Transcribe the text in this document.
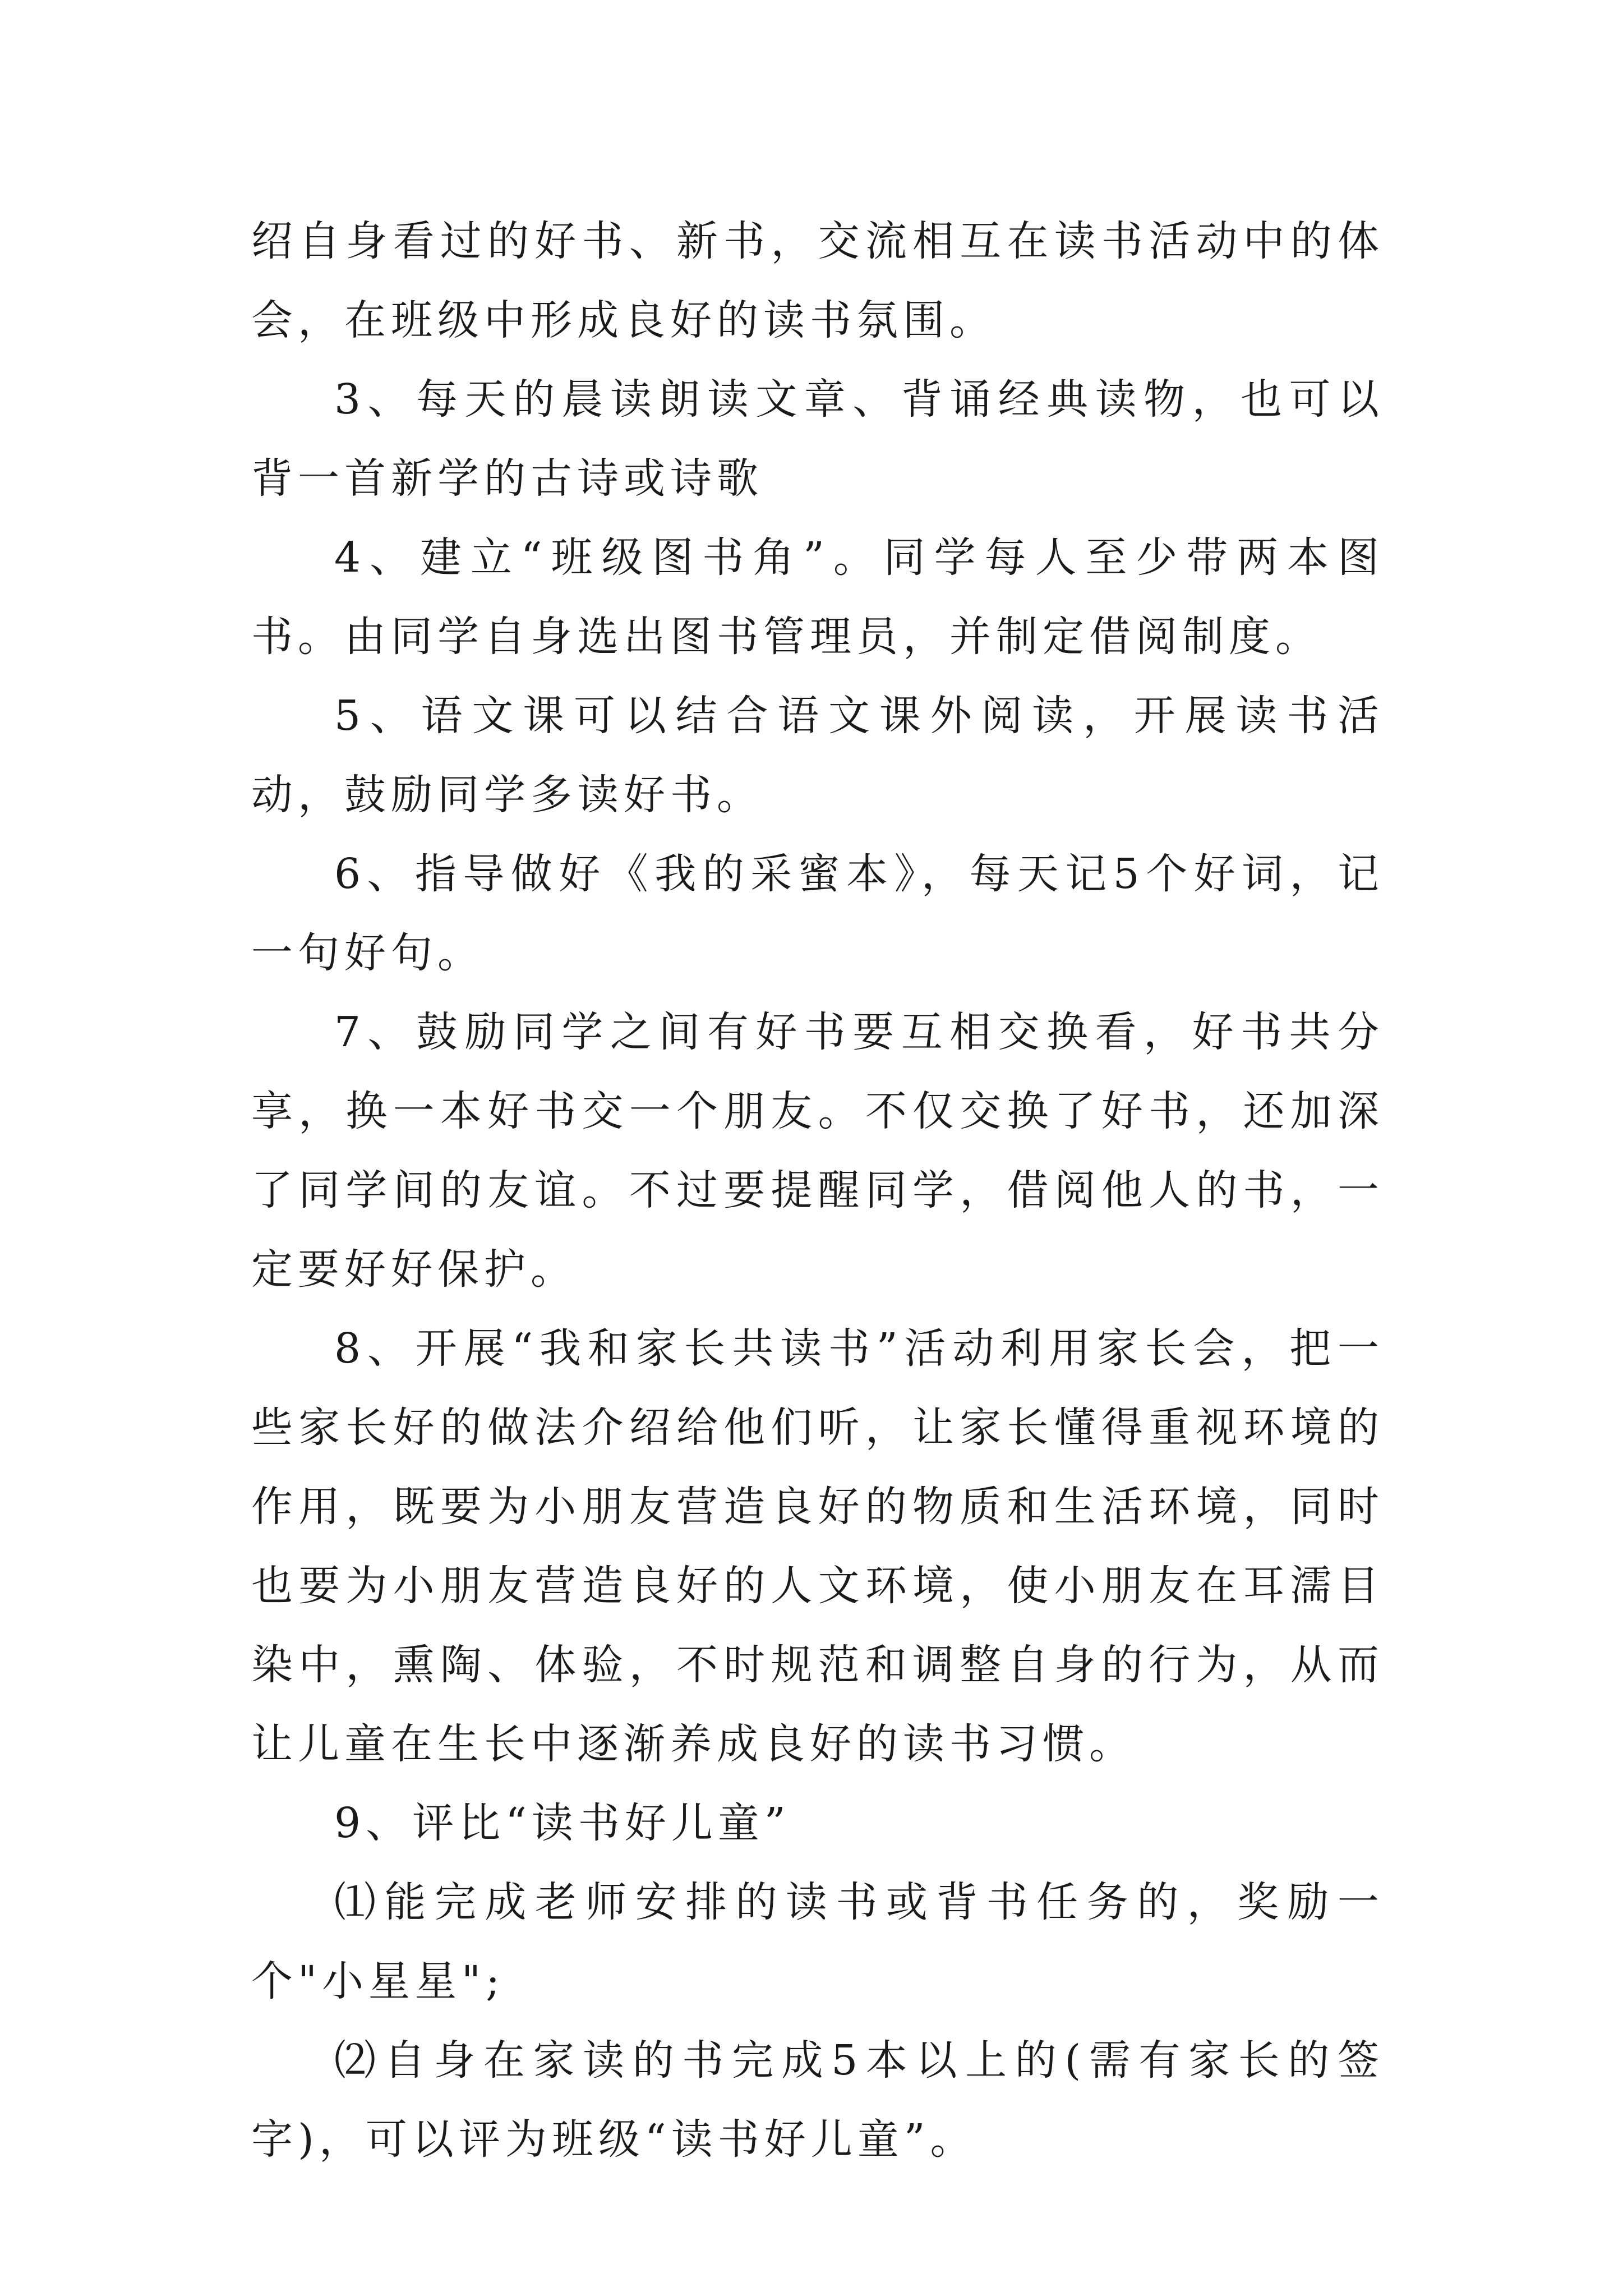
绍自身看过的好书、新书，交流相互在读书活动中的体会，在班级中形成良好的读书氛围。

3、每天的晨读朗读文章、背诵经典读物，也可以背一首新学的古诗或诗歌

4、建立“班级图书角”。同学每人至少带两本图书。由同学自身选出图书管理员，并制定借阅制度。

5、语文课可以结合语文课外阅读，开展读书活动，鼓励同学多读好书。

6、指导做好《我的采蜜本》，每天记5个好词，记一句好句。

7、鼓励同学之间有好书要互相交换看，好书共分享，换一本好书交一个朋友。不仅交换了好书，还加深了同学间的友谊。不过要提醒同学，借阅他人的书，一定要好好保护。

8、开展“我和家长共读书”活动利用家长会，把一些家长好的做法介绍给他们听，让家长懂得重视环境的作用，既要为小朋友营造良好的物质和生活环境，同时也要为小朋友营造良好的人文环境，使小朋友在耳濡目染中，熏陶、体验，不时规范和调整自身的行为，从而让儿童在生长中逐渐养成良好的读书习惯。

9、评比“读书好儿童”

⑴能完成老师安排的读书或背书任务的，奖励一个"小星星";

⑵自身在家读的书完成5本以上的(需有家长的签字)，可以评为班级“读书好儿童”。
